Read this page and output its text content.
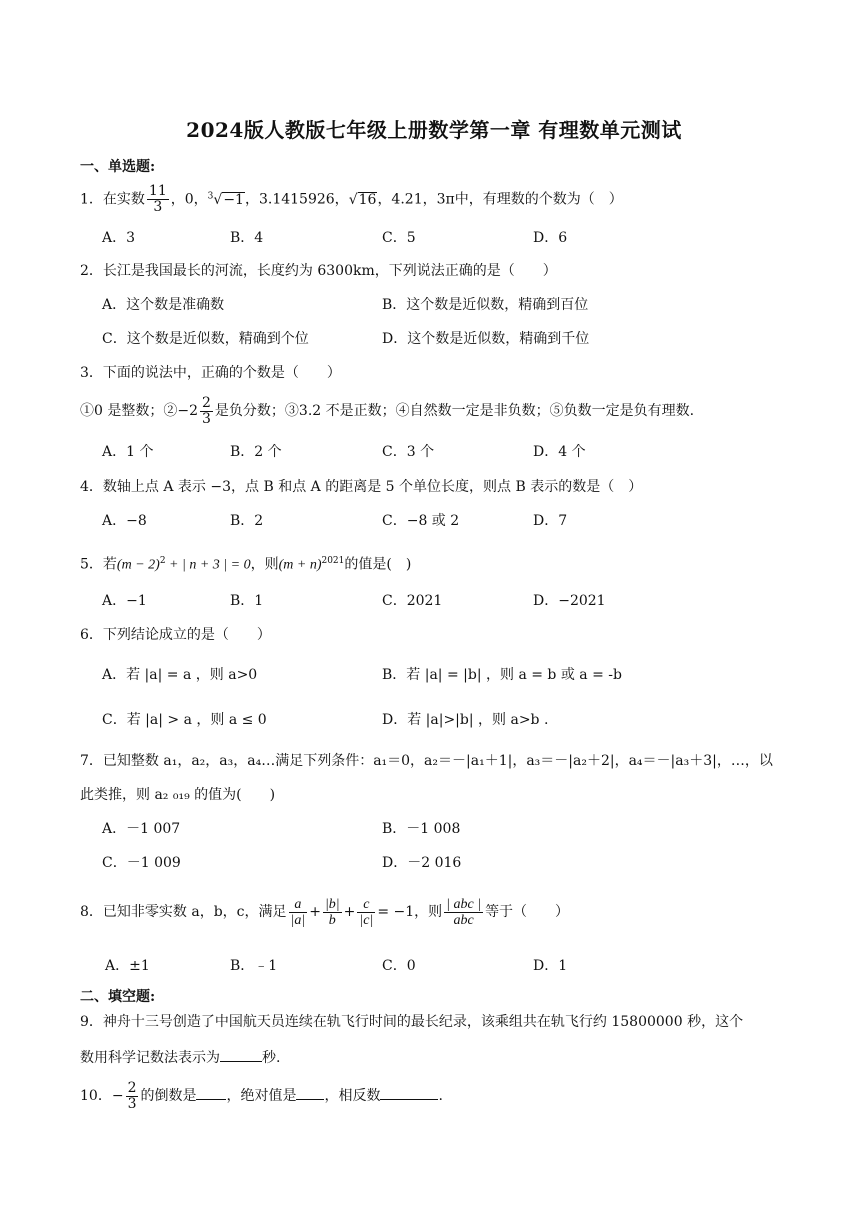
2024版人教版七年级上册数学第一章 有理数单元测试
一、单选题:
1．在实数 $\frac{11}{3}$ ，0，$^3$√−1，3.1415926，√16，4.21，3π中，有理数的个数为（　）
A．3	B．4	C．5	D．6
2．长江是我国最长的河流，长度约为 6300km，下列说法正确的是（　　）
A．这个数是准确数	B．这个数是近似数，精确到百位
C．这个数是近似数，精确到个位	D．这个数是近似数，精确到千位
3．下面的说法中，正确的个数是（　　）
①0 是整数；②−2 $\frac{2}{3}$ 是负分数；③3.2 不是正数；④自然数一定是非负数；⑤负数一定是负有理数.
A．1 个	B．2 个	C．3 个	D．4 个
4．数轴上点 A 表示 −3，点 B 和点 A 的距离是 5 个单位长度，则点 B 表示的数是（　）
A．−8	B．2	C．−8 或 2	D．7
5．若$(m - 2)^2$ + | n + 3 | = 0，则$(m + n)^{2021}$的值是(　)
A．−1	B．1	C．2021	D．−2021
6．下列结论成立的是（　　）
A．若 |a| = a ，则 a>0	B．若 |a| = |b| ，则 a = b 或 a = -b
C．若 |a| > a ，则 a ≤ 0	D．若 |a|>|b| ，则 a>b .
7．已知整数 a₁，a₂，a₃，a₄…满足下列条件：a₁＝0，a₂＝－|a₁＋1|，a₃＝－|a₂＋2|，a₄＝－|a₃＋3|，…，以
此类推，则 a₂ ₀₁₉ 的值为(　　)
A．－1 007	B．－1 008
C．－1 009	D．－2 016
8．已知非零实数 a，b，c，满足 $\frac{a}{|a|} + \frac{|b|}{b} + \frac{c}{|c|} = -1$，则 $\frac{\text{| abc |}}{\text{abc}}$ 等于（　　）
A．±1	B．﹣1	C．0	D．1
二、填空题:
9．神舟十三号创造了中国航天员连续在轨飞行时间的最长纪录，该乘组共在轨飞行约 15800000 秒，这个
数用科学记数法表示为	秒.
10．− $\frac{2}{3}$ 的倒数是 ，绝对值是 ，相反数	.
